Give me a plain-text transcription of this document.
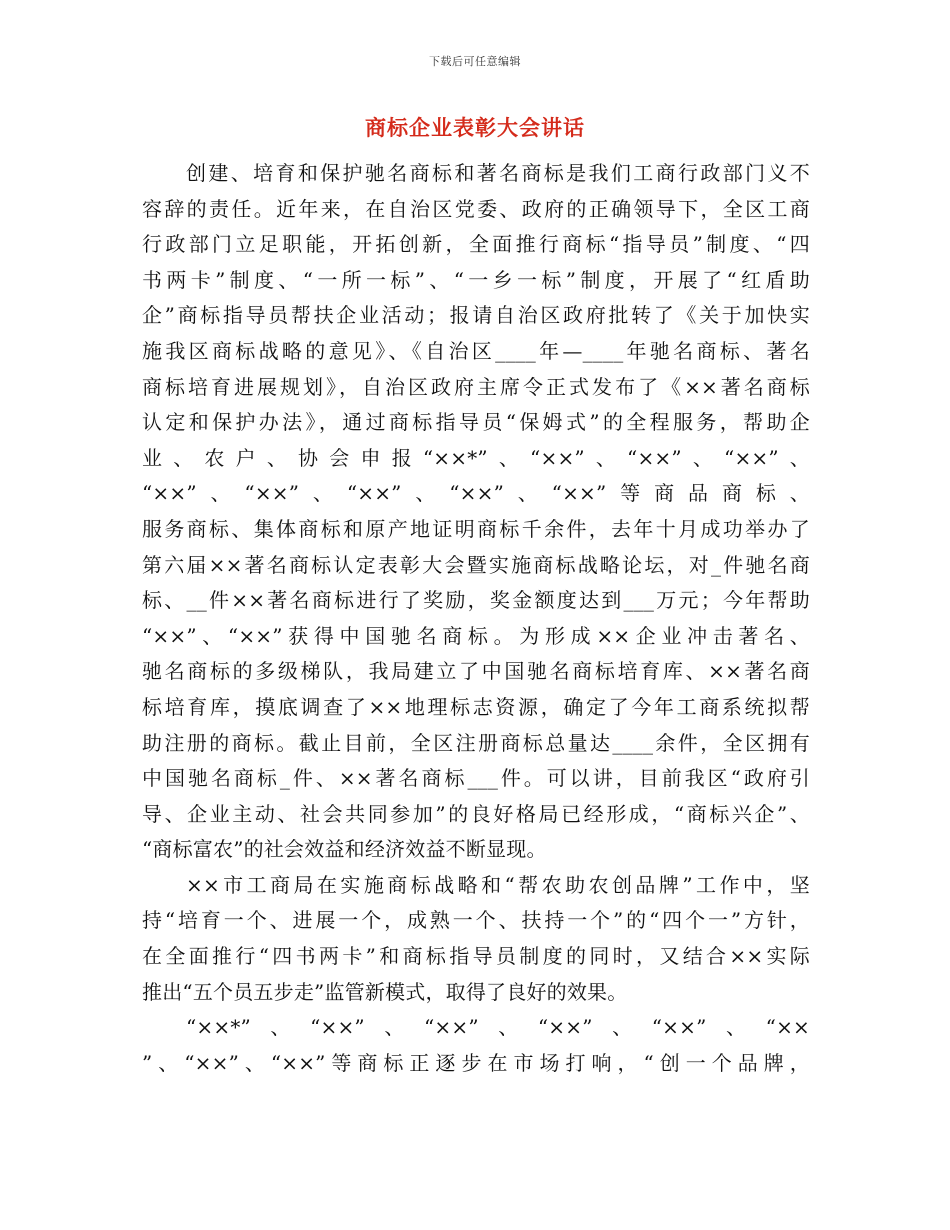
下载后可任意编辑
商标企业表彰大会讲话
创建、培育和保护驰名商标和著名商标是我们工商行政部门义不
容辞的责任。近年来，在自治区党委、政府的正确领导下，全区工商
行政部门立足职能，开拓创新，全面推行商标“指导员”制度、“四
书两卡”制度、“一所一标”、“一乡一标”制度，开展了“红盾助
企”商标指导员帮扶企业活动；报请自治区政府批转了《关于加快实
施我区商标战略的意见》、《自治区____年—____年驰名商标、著名
商标培育进展规划》，自治区政府主席令正式发布了《××著名商标
认定和保护办法》，通过商标指导员“保姆式”的全程服务，帮助企
业、农户、协会申报“××*”、“××”、“××”、“××”、
“××”、“××”、“××”、“××”、“××”等商品商标、
服务商标、集体商标和原产地证明商标千余件，去年十月成功举办了
第六届××著名商标认定表彰大会暨实施商标战略论坛，对_件驰名商
标、__件××著名商标进行了奖励，奖金额度达到___万元；今年帮助
“××”、“××”获得中国驰名商标。为形成××企业冲击著名、
驰名商标的多级梯队，我局建立了中国驰名商标培育库、××著名商
标培育库，摸底调查了××地理标志资源，确定了今年工商系统拟帮
助注册的商标。截止目前，全区注册商标总量达____余件，全区拥有
中国驰名商标_件、××著名商标___件。可以讲，目前我区“政府引
导、企业主动、社会共同参加”的良好格局已经形成，“商标兴企”、
“商标富农”的社会效益和经济效益不断显现。
××市工商局在实施商标战略和“帮农助农创品牌”工作中，坚
持“培育一个、进展一个，成熟一个、扶持一个”的“四个一”方针，
在全面推行“四书两卡”和商标指导员制度的同时，又结合××实际
推出“五个员五步走”监管新模式，取得了良好的效果。
“××*”、“××”、“××”、“××”、“××”、“××
”、“××”、“××”等商标正逐步在市场打响，“创一个品牌，
